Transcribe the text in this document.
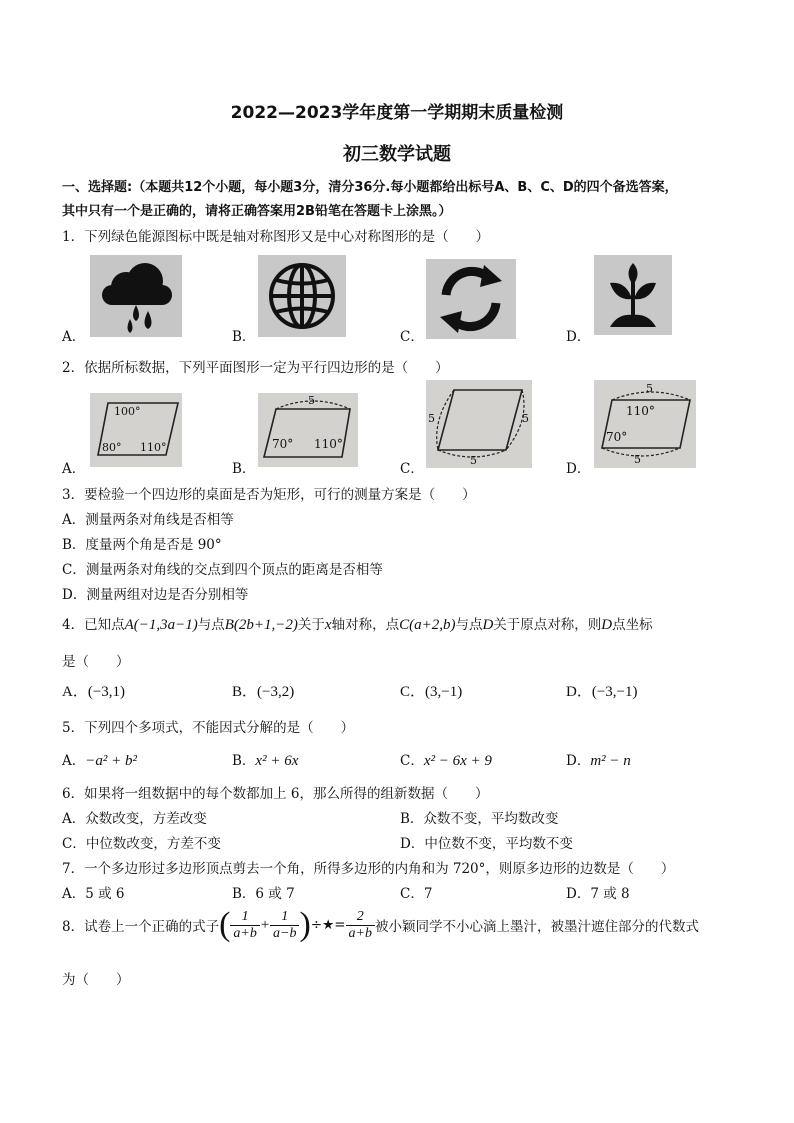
2022—2023学年度第一学期期末质量检测
初三数学试题
一、选择题:（本题共12个小题，每小题3分，清分36分.每小题都给出标号A、B、C、D的四个备选答案，
其中只有一个是正确的，请将正确答案用2B铅笔在答题卡上涂黑。）
1．下列绿色能源图标中既是轴对称图形又是中心对称图形的是（　　）
A．	B．	C．	D．
2．依据所标数据，下列平面图形一定为平行四边形的是（　　）
A．
100°
80° 110°
B．
5
70° 110°
C．
5	5
5
D．
5
110°
70°
5
3．要检验一个四边形的桌面是否为矩形，可行的测量方案是（　　）
A．测量两条对角线是否相等
B．度量两个角是否是 90°
C．测量两条对角线的交点到四个顶点的距离是否相等
D．测量两组对边是否分别相等
4．已知点A(−1,3a−1)与点B(2b+1,−2)关于x轴对称，点C(a+2,b)与点D关于原点对称，则D点坐标
是（　　）
A．(−3,1)	B．(−3,2)	C．(3,−1)	D．(−3,−1)
5．下列四个多项式，不能因式分解的是（　　）
A．−a² + b²	B．x² + 6x	C．x² − 6x + 9	D．m² − n
6．如果将一组数据中的每个数都加上 6，那么所得的组新数据（　　）
A．众数改变，方差改变	B．众数不变，平均数改变
C．中位数改变，方差不变	D．中位数不变，平均数不变
7．一个多边形过多边形顶点剪去一个角，所得多边形的内角和为 720°，则原多边形的边数是（　　）
A．5 或 6	B．6 或 7	C．7	D．7 或 8
8．试卷上一个正确的式子 ( $\frac{1}{a+b} + \frac{1}{a-b}$ ) ÷★= $\frac{2}{a+b}$ 被小颖同学不小心滴上墨汁，被墨汁遮住部分的代数式
为（　　）
